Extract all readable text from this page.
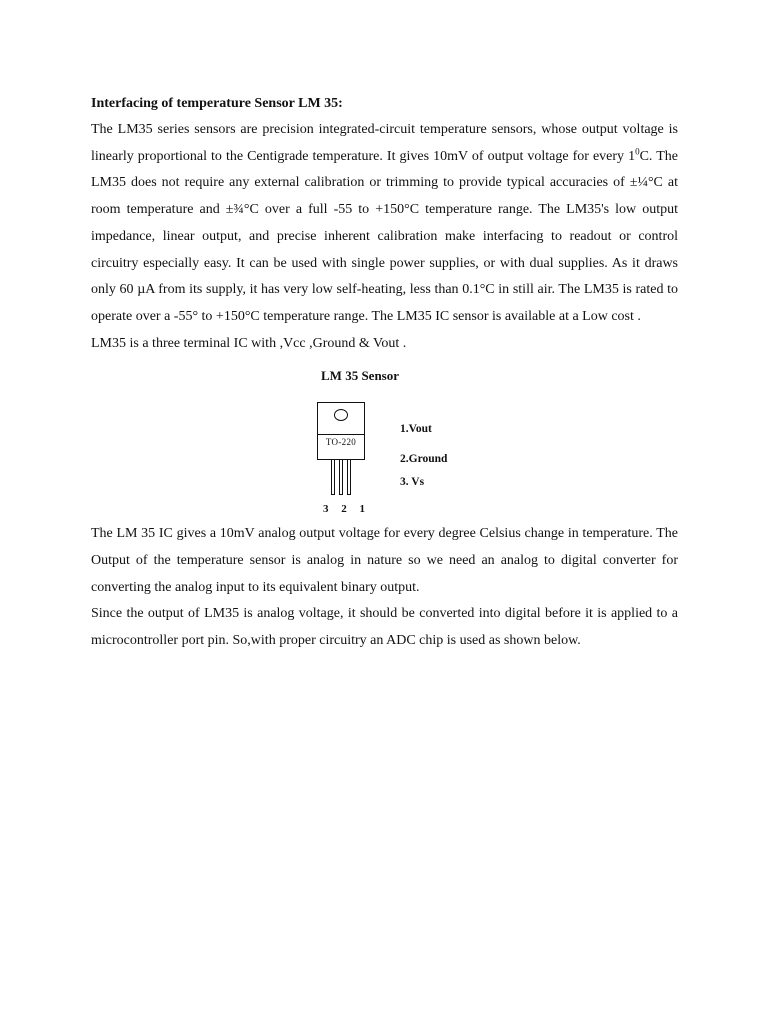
Interfacing of temperature Sensor LM 35:

The LM35 series sensors are precision integrated-circuit temperature sensors, whose output voltage is linearly proportional to the Centigrade temperature. It gives 10mV of output voltage for every $1^0C$. The LM35 does not require any external calibration or trimming to provide typical accuracies of ±¼°C at room temperature and ±¾°C over a full -55 to +150°C temperature range. The LM35's low output impedance, linear output, and precise inherent calibration make interfacing to readout or control circuitry especially easy. It can be used with single power supplies, or with dual supplies. As it draws only 60 µA from its supply, it has very low self-heating, less than 0.1°C in still air. The LM35 is rated to operate over a -55° to +150°C temperature range. The LM35 IC sensor is available at a Low cost .

LM35 is a three terminal IC with ,Vcc ,Ground & Vout .

LM 35 Sensor
TO-220
3 2 1
1.Vout
2.Ground
3. Vs

The LM 35 IC gives a 10mV analog output voltage for every degree Celsius change in temperature. The Output of the temperature sensor is analog in nature so we need an analog to digital converter for converting the analog input to its equivalent binary output.

Since the output of LM35 is analog voltage, it should be converted into digital before it is applied to a microcontroller port pin. So,with proper circuitry an ADC chip is used as shown below.
